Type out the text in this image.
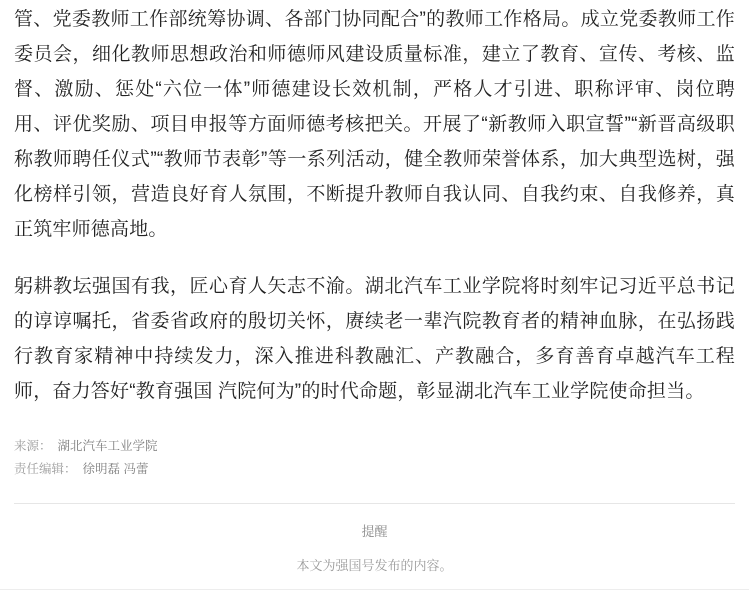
管、党委教师工作部统筹协调、各部门协同配合”的教师工作格局。成立党委教师工作委员会，细化教师思想政治和师德师风建设质量标准，建立了教育、宣传、考核、监督、激励、惩处“六位一体”师德建设长效机制，严格人才引进、职称评审、岗位聘用、评优奖励、项目申报等方面师德考核把关。开展了“新教师入职宣誓”“新晋高级职称教师聘任仪式”“教师节表彰”等一系列活动，健全教师荣誉体系，加大典型选树，强化榜样引领，营造良好育人氛围，不断提升教师自我认同、自我约束、自我修养，真正筑牢师德高地。

躬耕教坛强国有我，匠心育人矢志不渝。湖北汽车工业学院将时刻牢记习近平总书记的谆谆嘱托，省委省政府的殷切关怀，赓续老一辈汽院教育者的精神血脉，在弘扬践行教育家精神中持续发力，深入推进科教融汇、产教融合，多育善育卓越汽车工程师，奋力答好“教育强国 汽院何为”的时代命题，彰显湖北汽车工业学院使命担当。

来源： 湖北汽车工业学院
责任编辑： 徐明磊 冯蕾
提醒
本文为强国号发布的内容。
